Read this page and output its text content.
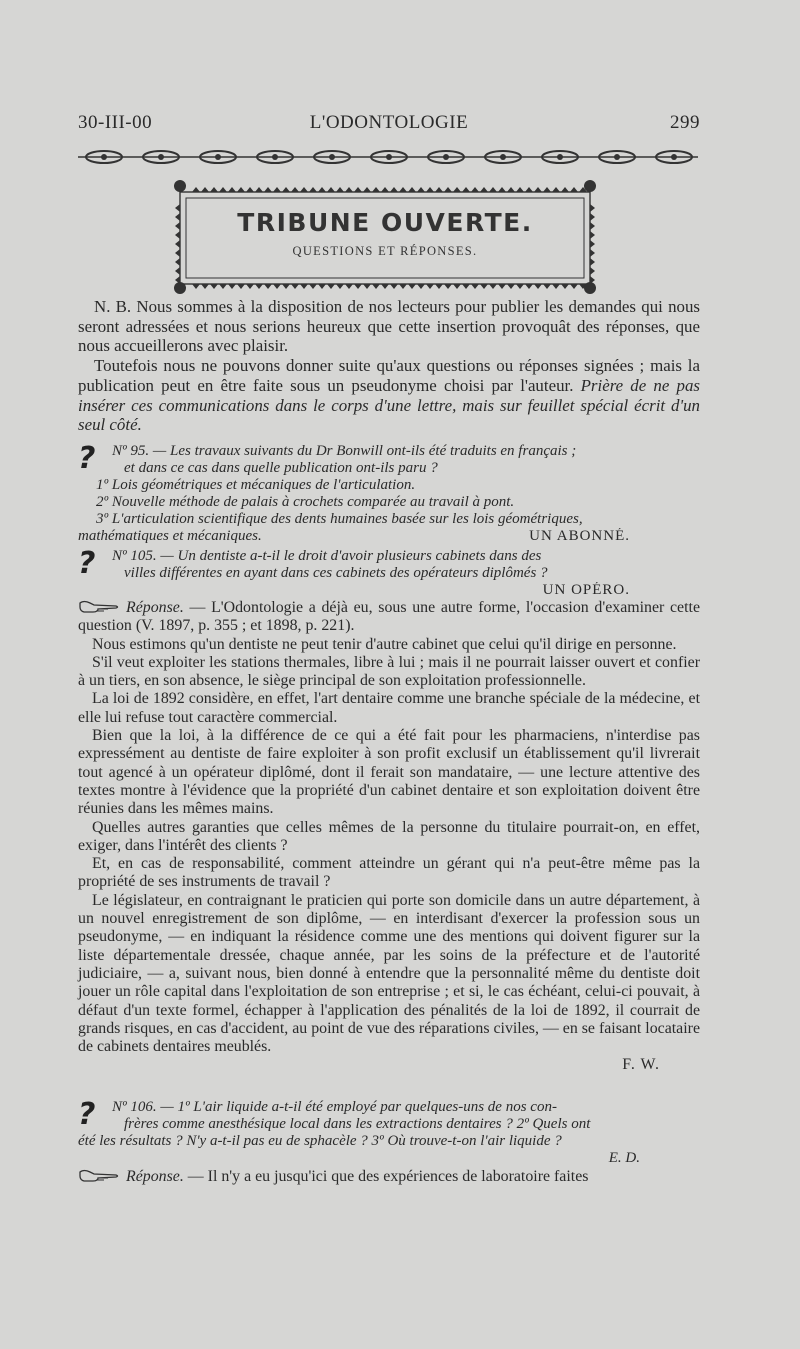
L'ODONTOLOGIE
30-III-00	299
TRIBUNE OUVERTE.
QUESTIONS ET RÉPONSES.

N. B. Nous sommes à la disposition de nos lecteurs pour publier les demandes qui nous seront adressées et nous serions heureux que cette insertion provoquât des réponses, que nous accueillerons avec plaisir.

Toutefois nous ne pouvons donner suite qu'aux questions ou réponses signées ; mais la publication peut en être faite sous un pseudonyme choisi par l'auteur. Prière de ne pas insérer ces communications dans le corps d'une lettre, mais sur feuillet spécial écrit d'un seul côté.

?	Nº 95. — Les travaux suivants du Dr Bonwill ont-ils été traduits en français ;
et dans ce cas dans quelle publication ont-ils paru ?
1º Lois géométriques et mécaniques de l'articulation.
2º Nouvelle méthode de palais à crochets comparée au travail à pont.
3º L'articulation scientifique des dents humaines basée sur les lois géométriques,
mathématiques et mécaniques.	UN ABONNÉ.
?	Nº 105. — Un dentiste a-t-il le droit d'avoir plusieurs cabinets dans des
villes différentes en ayant dans ces cabinets des opérateurs diplômés ?
UN OPÉRO.

Réponse. — L'Odontologie a déjà eu, sous une autre forme, l'occasion d'examiner cette question (V. 1897, p. 355 ; et 1898, p. 221).

Nous estimons qu'un dentiste ne peut tenir d'autre cabinet que celui qu'il dirige en personne.

S'il veut exploiter les stations thermales, libre à lui ; mais il ne pourrait laisser ouvert et confier à un tiers, en son absence, le siège principal de son exploitation professionnelle.

La loi de 1892 considère, en effet, l'art dentaire comme une branche spéciale de la médecine, et elle lui refuse tout caractère commercial.

Bien que la loi, à la différence de ce qui a été fait pour les pharmaciens, n'interdise pas expressément au dentiste de faire exploiter à son profit exclusif un établissement qu'il livrerait tout agencé à un opérateur diplômé, dont il ferait son mandataire, — une lecture attentive des textes montre à l'évidence que la propriété d'un cabinet dentaire et son exploitation doivent être réunies dans les mêmes mains.

Quelles autres garanties que celles mêmes de la personne du titulaire pourrait-on, en effet, exiger, dans l'intérêt des clients ?

Et, en cas de responsabilité, comment atteindre un gérant qui n'a peut-être même pas la propriété de ses instruments de travail ?

Le législateur, en contraignant le praticien qui porte son domicile dans un autre département, à un nouvel enregistrement de son diplôme, — en interdisant d'exercer la profession sous un pseudonyme, — en indiquant la résidence comme une des mentions qui doivent figurer sur la liste départementale dressée, chaque année, par les soins de la préfecture et de l'autorité judiciaire, — a, suivant nous, bien donné à entendre que la personnalité même du dentiste doit jouer un rôle capital dans l'exploitation de son entreprise ; et si, le cas échéant, celui-ci pouvait, à défaut d'un texte formel, échapper à l'application des pénalités de la loi de 1892, il courrait de grands risques, en cas d'accident, au point de vue des réparations civiles, — en se faisant locataire de cabinets dentaires meublés.

F. W.

?	Nº 106. — 1º L'air liquide a-t-il été employé par quelques-uns de nos con-
frères comme anesthésique local dans les extractions dentaires ? 2º Quels ont
été les résultats ? N'y a-t-il pas eu de sphacèle ? 3º Où trouve-t-on l'air liquide ?
E. D.

Réponse. — Il n'y a eu jusqu'ici que des expériences de laboratoire faites
